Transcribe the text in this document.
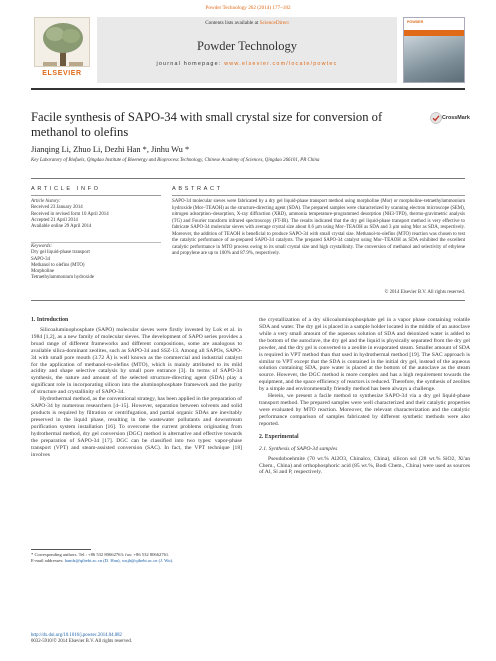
Powder Technology 262 (2014) 177–182
ELSEVIER
Contents lists available at ScienceDirect
Powder Technology
journal homepage: www.elsevier.com/locate/powtec
POWDER
Facile synthesis of SAPO-34 with small crystal size for conversion of methanol to olefins
CrossMark
Jianqing Li, Zhuo Li, Dezhi Han *, Jinhu Wu *
Key Laboratory of Biofuels, Qingdao Institute of Bioenergy and Bioprocess Technology, Chinese Academy of Sciences, Qingdao 266101, PR China
ARTICLE INFO	ABSTRACT
Article history:
Received 23 January 2014
Received in revised form 10 April 2014
Accepted 21 April 2014
Available online 29 April 2014
Keywords:
Dry gel liquid-phase transport
SAPO-34
Methanol to olefins (MTO)
Morpholine
Tetraethylammonium hydroxide
SAPO-34 molecular sieves were fabricated by a dry gel liquid-phase transport method using morpholine (Mor) or morpholine–tetraethylammonium hydroxide (Mor–TEAOH) as the structure-directing agent (SDA). The prepared samples were characterized by scanning electron microscope (SEM), nitrogen adsorption–desorption, X-ray diffraction (XRD), ammonia temperature-programmed desorption (NH3-TPD), thermo-gravimetric analysis (TG) and Fourier transform infrared spectroscopy (FT-IR). The results indicated that the dry gel liquid-phase transport method is very effective to fabricate SAPO-34 molecular sieves with average crystal size about 0.6 μm using Mor–TEAOH as SDA and 3 μm using Mor as SDA, respectively. Moreover, the addition of TEAOH is beneficial to produce SAPO-34 with small crystal size. Methanol-to-olefins (MTO) reaction was chosen to test the catalytic performance of as-prepared SAPO-34 catalysts. The prepared SAPO-34 catalyst using Mor–TEAOH as SDA exhibited the excellent catalytic performance in MTO process owing to its small crystal size and high crystallinity. The conversion of methanol and selectivity of ethylene and propylene are up to 100% and 87.9%, respectively.
© 2014 Elsevier B.V. All rights reserved.
1. Introduction

Silicoaluminophosphate (SAPO) molecular sieves were firstly invested by Lok et al. in 1984 [1,2], as a new family of molecular sieves. The development of SAPO series provides a broad range of different frameworks and different compositions, some are analogous to available silica-dominant zeolites, such as SAPO-34 and SSZ-13. Among all SAPOs, SAPO-34 with small pore mouth (3.72 Å) is well known as the commercial and industrial catalyst for the application of methanol-to-olefins (MTO), which is mainly attributed to its mild acidity and shape selective catalysis by small pore entrance [3]. In terms of SAPO-34 synthesis, the nature and amount of the selected structure-directing agent (SDA) play a significant role in incorporating silicon into the aluminophosphate framework and the purity of structure and crystallinity of SAPO-34.

Hydrothermal method, as the conventional strategy, has been applied in the preparation of SAPO-34 by numerous researchers [4–15]. However, separation between solvents and solid products is required by filtration or centrifugation, and partial organic SDAs are inevitably preserved in the liquid phase, resulting in the wastewater pollutants and downstream purification system installation [16]. To overcome the current problems originating from hydrothermal method, dry gel conversion (DGC) method is alternative and effective towards the preparation of SAPO-34 [17]. DGC can be classified into two types: vapor-phase transport (VPT) and steam-assisted conversion (SAC). In fact, the VPT technique [18] involves

the crystallization of a dry silicoaluminophosphate gel in a vapor phase containing volatile SDA and water. The dry gel is placed in a sample holder located in the middle of an autoclave while a very small amount of the aqueous solution of SDA and deionized water is added to the bottom of the autoclave, the dry gel and the liquid is physically separated from the dry gel powder, and the dry gel is converted to a zeolite in evaporated steam. Smaller amount of SDA is required in VPT method than that used in hydrothermal method [19]. The SAC approach is similar to VPT except that the SDA is contained in the initial dry gel, instead of the aqueous solution containing SDA, pure water is placed at the bottom of the autoclave as the steam source. However, the DGC method is more complex and has a high requirement towards the equipment, and the space efficiency of reactors is reduced. Therefore, the synthesis of zeolites by a simple and environmentally friendly method has been always a challenge.

Herein, we present a facile method to synthesize SAPO-34 via a dry gel liquid-phase transport method. The prepared samples were well characterized and their catalytic properties were evaluated by MTO reaction. Moreover, the relevant characterization and the catalytic performance comparison of samples fabricated by different synthetic methods were also reported.

2. Experimental
2.1. Synthesis of SAPO-34 samples

Pseudoboehmite (70 wt.% Al2O3, Chinalco, China), silicon sol (28 wt.% SiO2, Xi'an Chem., China) and orthophosphoric acid (85 wt.%, Bodi Chem., China) were used as sources of Al, Si and P, respectively.

* Corresponding authors. Tel.: +86 532 80662763; fax: +86 532 80662761.
E-mail addresses: handz@qibebt.ac.cn (D. Han), wujh@qibebt.ac.cn (J. Wu).
http://dx.doi.org/10.1016/j.powtec.2014.04.082
0032-5910/© 2014 Elsevier B.V. All rights reserved.
